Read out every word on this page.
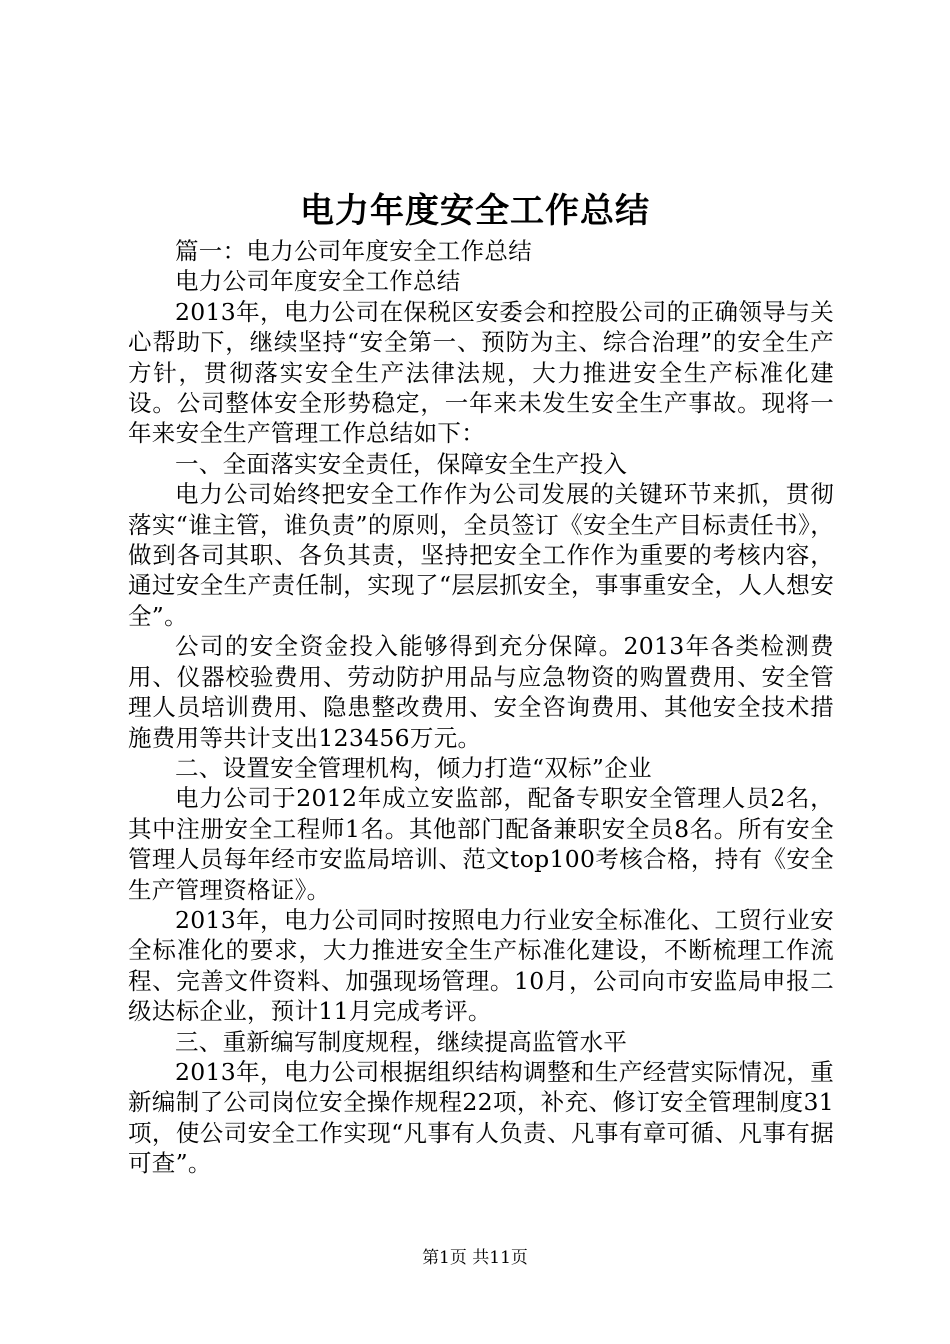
电力年度安全工作总结

篇一：电力公司年度安全工作总结

电力公司年度安全工作总结

2013年，电力公司在保税区安委会和控股公司的正确领导与关心帮助下，继续坚持“安全第一、预防为主、综合治理”的安全生产方针，贯彻落实安全生产法律法规，大力推进安全生产标准化建设。公司整体安全形势稳定，一年来未发生安全生产事故。现将一年来安全生产管理工作总结如下：

一、全面落实安全责任，保障安全生产投入

电力公司始终把安全工作作为公司发展的关键环节来抓，贯彻落实“谁主管，谁负责”的原则，全员签订《安全生产目标责任书》，做到各司其职、各负其责，坚持把安全工作作为重要的考核内容，通过安全生产责任制，实现了“层层抓安全，事事重安全，人人想安全”。

公司的安全资金投入能够得到充分保障。2013年各类检测费用、仪器校验费用、劳动防护用品与应急物资的购置费用、安全管理人员培训费用、隐患整改费用、安全咨询费用、其他安全技术措施费用等共计支出123456万元。

二、设置安全管理机构，倾力打造“双标”企业

电力公司于2012年成立安监部，配备专职安全管理人员2名，其中注册安全工程师1名。其他部门配备兼职安全员8名。所有安全管理人员每年经市安监局培训、范文top100考核合格，持有《安全生产管理资格证》。

2013年，电力公司同时按照电力行业安全标准化、工贸行业安全标准化的要求，大力推进安全生产标准化建设，不断梳理工作流程、完善文件资料、加强现场管理。10月，公司向市安监局申报二级达标企业，预计11月完成考评。

三、重新编写制度规程，继续提高监管水平

2013年，电力公司根据组织结构调整和生产经营实际情况，重新编制了公司岗位安全操作规程22项，补充、修订安全管理制度31项，使公司安全工作实现“凡事有人负责、凡事有章可循、凡事有据可查”。

第1页 共11页
